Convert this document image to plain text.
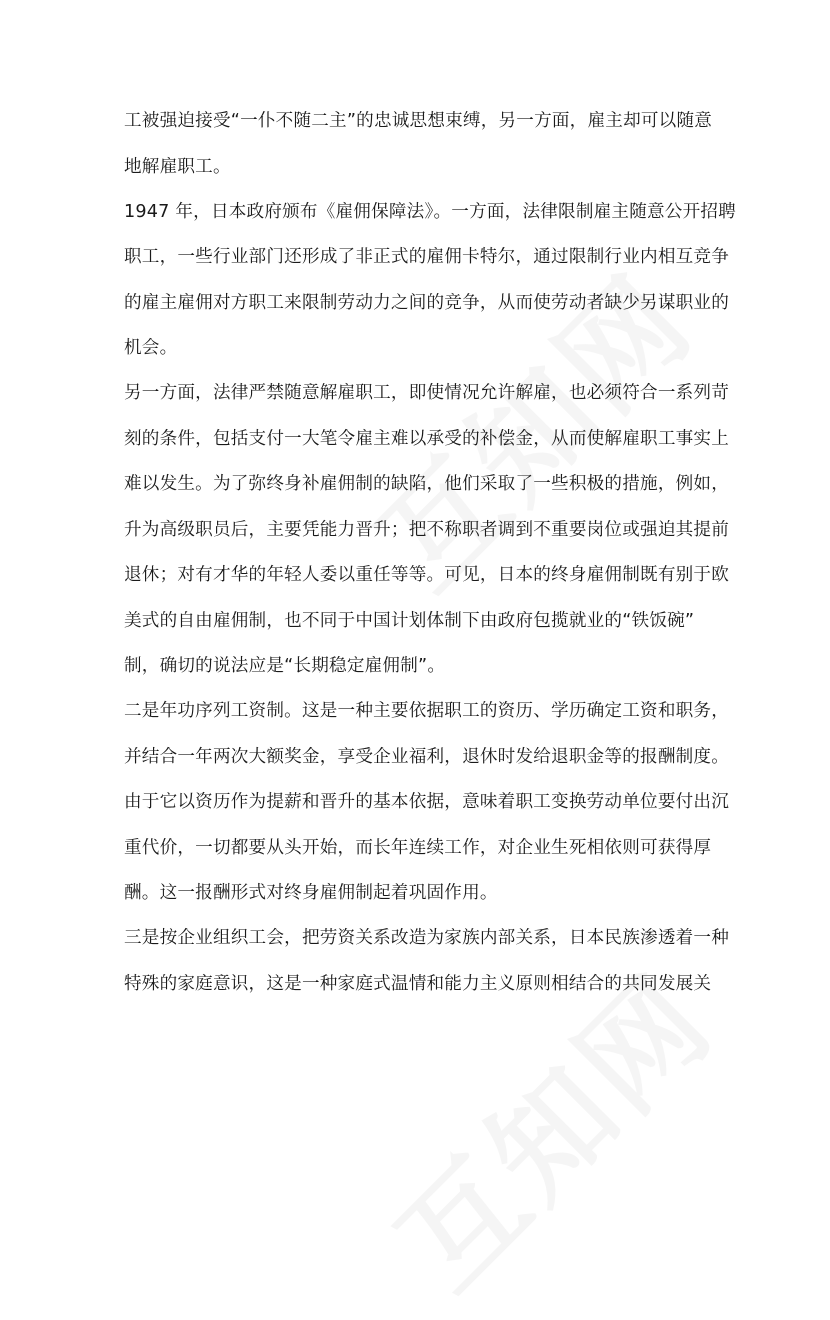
工被强迫接受“一仆不随二主”的忠诚思想束缚，另一方面，雇主却可以随意
地解雇职工。
1947 年，日本政府颁布《雇佣保障法》。一方面，法律限制雇主随意公开招聘
职工，一些行业部门还形成了非正式的雇佣卡特尔，通过限制行业内相互竞争
的雇主雇佣对方职工来限制劳动力之间的竞争，从而使劳动者缺少另谋职业的
机会。
另一方面，法律严禁随意解雇职工，即使情况允许解雇，也必须符合一系列苛
刻的条件，包括支付一大笔令雇主难以承受的补偿金，从而使解雇职工事实上
难以发生。为了弥终身补雇佣制的缺陷，他们采取了一些积极的措施，例如，
升为高级职员后，主要凭能力晋升；把不称职者调到不重要岗位或强迫其提前
退休；对有才华的年轻人委以重任等等。可见，日本的终身雇佣制既有别于欧
美式的自由雇佣制，也不同于中国计划体制下由政府包揽就业的“铁饭碗”
制，确切的说法应是“长期稳定雇佣制”。
二是年功序列工资制。这是一种主要依据职工的资历、学历确定工资和职务，
并结合一年两次大额奖金，享受企业福利，退休时发给退职金等的报酬制度。
由于它以资历作为提薪和晋升的基本依据，意味着职工变换劳动单位要付出沉
重代价，一切都要从头开始，而长年连续工作，对企业生死相依则可获得厚
酬。这一报酬形式对终身雇佣制起着巩固作用。
三是按企业组织工会，把劳资关系改造为家族内部关系，日本民族渗透着一种
特殊的家庭意识，这是一种家庭式温情和能力主义原则相结合的共同发展关
